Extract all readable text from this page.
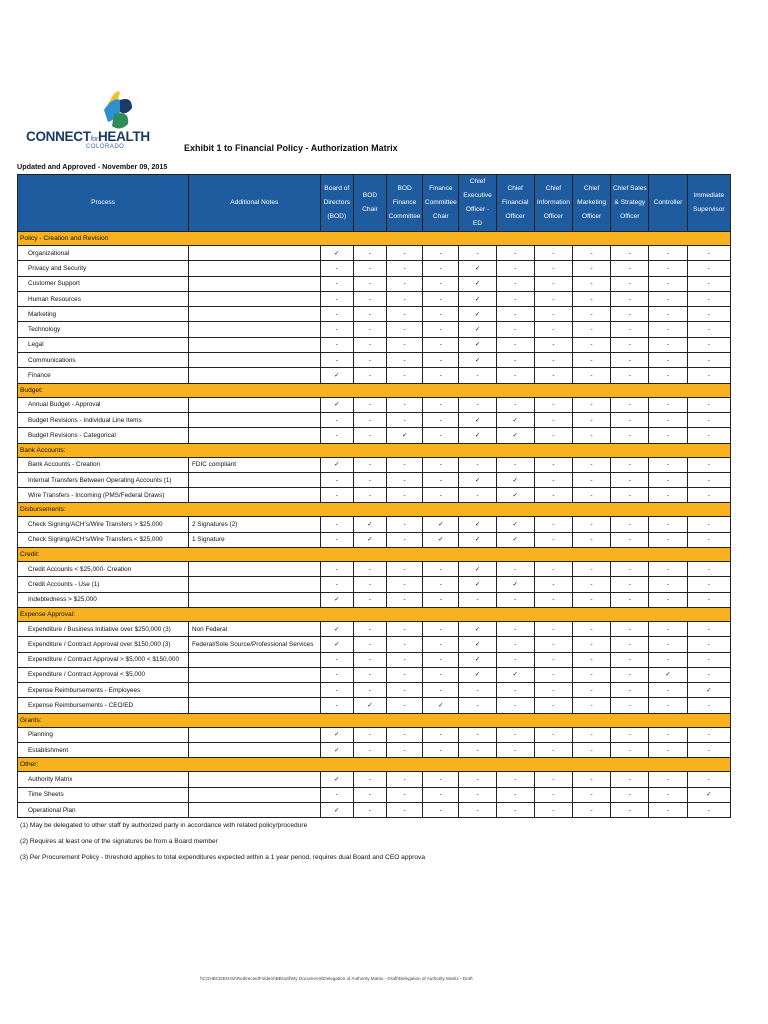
CONNECTforHEALTH
COLORADO	Exhibit 1 to Financial Policy - Authorization Matrix
Updated and Approved - November 09, 2015
Process	Additional Notes	Board of Directors (BOD)	BOD Chair	BOD Finance Committee	Finance Committee Chair	Chief Executive Officer - ED	Chief Financial Officer	Chief Information Officer	Chief Marketing Officer	Chief Sales & Strategy Officer	Controller	Immediate Supervisor
Policy - Creation and Revision												
Organizational		✓	-	-	-	-	-	-	-	-	-	-
Privacy and Security		-	-	-	-	✓	-	-	-	-	-	-
Customer Support		-	-	-	-	✓	-	-	-	-	-	-
Human Resources		-	-	-	-	✓	-	-	-	-	-	-
Marketing		-	-	-	-	✓	-	-	-	-	-	-
Technology		-	-	-	-	✓	-	-	-	-	-	-
Legal		-	-	-	-	✓	-	-	-	-	-	-
Communications		-	-	-	-	✓	-	-	-	-	-	-
Finance		✓	-	-	-	-	-	-	-	-	-	-
Budget:												
Annual Budget - Approval		✓	-	-	-	-	-	-	-	-	-	-
Budget Revisions - Individual Line Items		-	-	-	-	✓	✓	-	-	-	-	-
Budget Revisions - Categorical		-	-	✓	-	✓	✓	-	-	-	-	-
Bank Accounts:												
Bank Accounts - Creation	FDIC compliant	✓	-	-	-	-	-	-	-	-	-	-
Internal Transfers Between Operating Accounts (1)		-	-	-	-	✓	✓	-	-	-	-	-
Wire Transfers - Incoming (PMS/Federal Draws)		-	-	-	-	-	✓	-	-	-	-	-
Disbursements:												
Check Signing/ACH's/Wire Transfers > $25,000	2 Signatures (2)	-	✓	-	✓	✓	✓	-	-	-	-	-
Check Signing/ACH's/Wire Transfers < $25,000	1 Signature	-	✓	-	✓	✓	✓	-	-	-	-	-
Credit:												
Credit Accounts < $25,000- Creation		-	-	-	-	✓	-	-	-	-	-	-
Credit Accounts - Use (1)		-	-	-	-	✓	✓	-	-	-	-	-
Indebtedness > $25,000		✓	-	-	-	-	-	-	-	-	-	-
Expense Approval:												
Expenditure / Business Initiative over $250,000 (3)	Non Federal	✓	-	-	-	✓	-	-	-	-	-	-
Expenditure / Contract Approval over $150,000 (3)	Federal/Sole Source/Professional Services	✓	-	-	-	✓	-	-	-	-	-	-
Expenditure / Contract Approval > $5,000 < $150,000		-	-	-	-	✓	-	-	-	-	-	-
Expenditure / Contract Approval < $5,000		-	-	-	-	✓	✓	-	-	-	✓	-
Expense Reimbursements - Employees		-	-	-	-	-	-	-	-	-	-	✓
Expense Reimbursements - CEO/ED		-	✓	-	✓	-	-	-	-	-	-	-
Grants:												
Planning		✓	-	-	-	-	-	-	-	-	-	-
Establishment		✓	-	-	-	-	-	-	-	-	-	-
Other:												
Authority Matrix		✓	-	-	-	-	-	-	-	-	-	-
Time Sheets		-	-	-	-	-	-	-	-	-	-	✓
Operational Plan		✓	-	-	-	-	-	-	-	-	-	-
(1) May be delegated to other staff by authorized party in accordance with related policy/procedure
(2) Requires at least one of the signatures be from a Board member
(3) Per Procurement Policy - threshold applies to total expenditures expected within a 1 year period, requires dual Board and CEO approva
\\COHBCDEN-02\RedirectedFolders\BBrazil\My Documents\Delegation of Authority Matrix - Draft\Delegation of Authority Matrix - Draft
